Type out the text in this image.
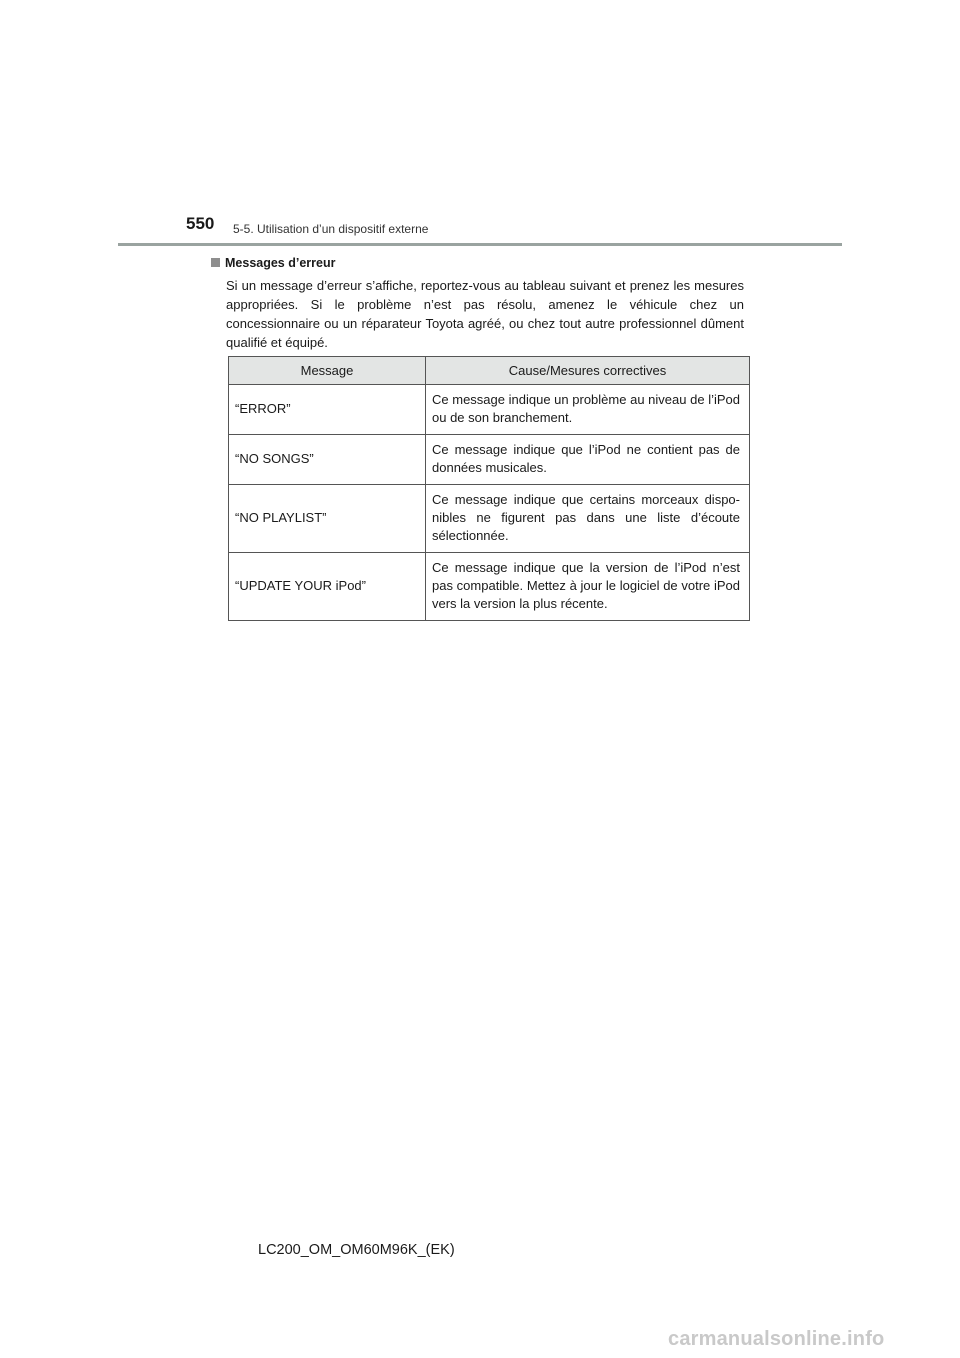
550 5-5. Utilisation d’un dispositif externe
Messages d’erreur
Si un message d’erreur s’affiche, reportez-vous au tableau suivant et prenez les mesures appropriées. Si le problème n’est pas résolu, amenez le véhicule chez un concessionnaire ou un réparateur Toyota agréé, ou chez tout autre professionnel dûment qualifié et équipé.
Message	Cause/Mesures correctives
“ERROR”	Ce message indique un problème au niveau de l’iPod ou de son branchement.
“NO SONGS”	Ce message indique que l’iPod ne contient pas de données musicales.
“NO PLAYLIST”	Ce message indique que certains morceaux dispo-nibles ne figurent pas dans une liste d’écoute sélectionnée.
“UPDATE YOUR iPod”	Ce message indique que la version de l’iPod n’est pas compatible. Mettez à jour le logiciel de votre iPod vers la version la plus récente.
LC200_OM_OM60M96K_(EK)
carmanualsonline.info
